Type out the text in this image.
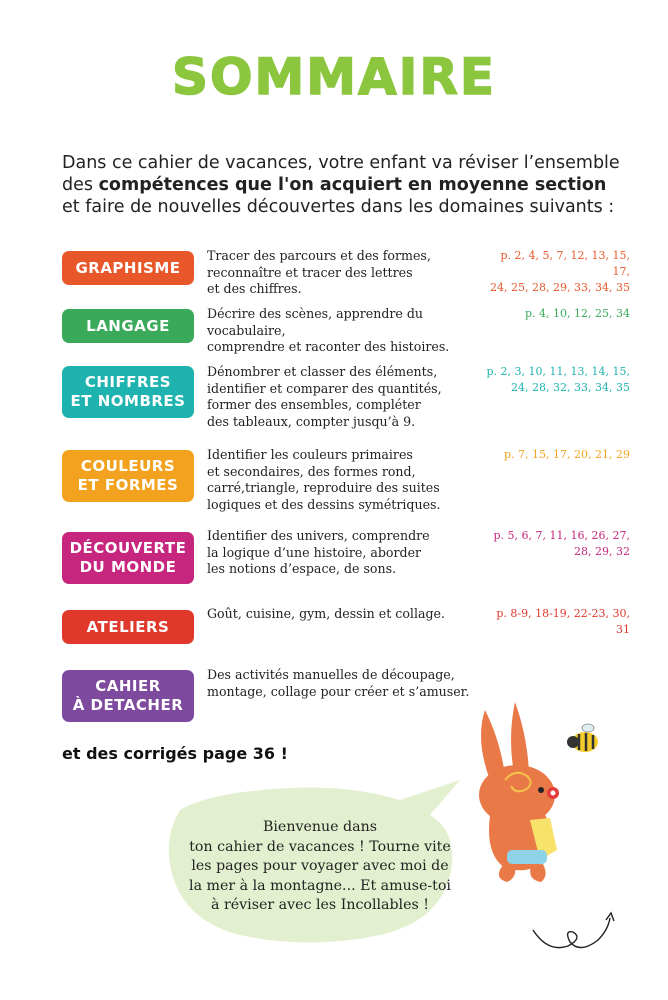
SOMMAIRE
Dans ce cahier de vacances, votre enfant va réviser l’ensemble des compétences que l'on acquiert en moyenne section et faire de nouvelles découvertes dans les domaines suivants :
GRAPHISME
Tracer des parcours et des formes,
reconnaître et tracer des lettres
et des chiffres.
p. 2, 4, 5, 7, 12, 13, 15, 17,
24, 25, 28, 29, 33, 34, 35
LANGAGE
Décrire des scènes, apprendre du vocabulaire,
comprendre et raconter des histoires.
p. 4, 10, 12, 25, 34
CHIFFRES
ET NOMBRES
Dénombrer et classer des éléments,
identifier et comparer des quantités,
former des ensembles, compléter
des tableaux, compter jusqu’à 9.
p. 2, 3, 10, 11, 13, 14, 15,
24, 28, 32, 33, 34, 35
COULEURS
ET FORMES
Identifier les couleurs primaires
et secondaires, des formes rond,
carré,triangle, reproduire des suites
logiques et des dessins symétriques.
p. 7, 15, 17, 20, 21, 29
DÉCOUVERTE
DU MONDE
Identifier des univers, comprendre
la logique d’une histoire, aborder
les notions d’espace, de sons.
p. 5, 6, 7, 11, 16, 26, 27,
28, 29, 32
ATELIERS
Goût, cuisine, gym, dessin et collage.	p. 8-9, 18-19, 22-23, 30, 31
CAHIER
À DETACHER
Des activités manuelles de découpage,
montage, collage pour créer et s’amuser.
et des corrigés page 36 !
Bienvenue dans
ton cahier de vacances ! Tourne vite
les pages pour voyager avec moi de
la mer à la montagne... Et amuse-toi
à réviser avec les Incollables !
